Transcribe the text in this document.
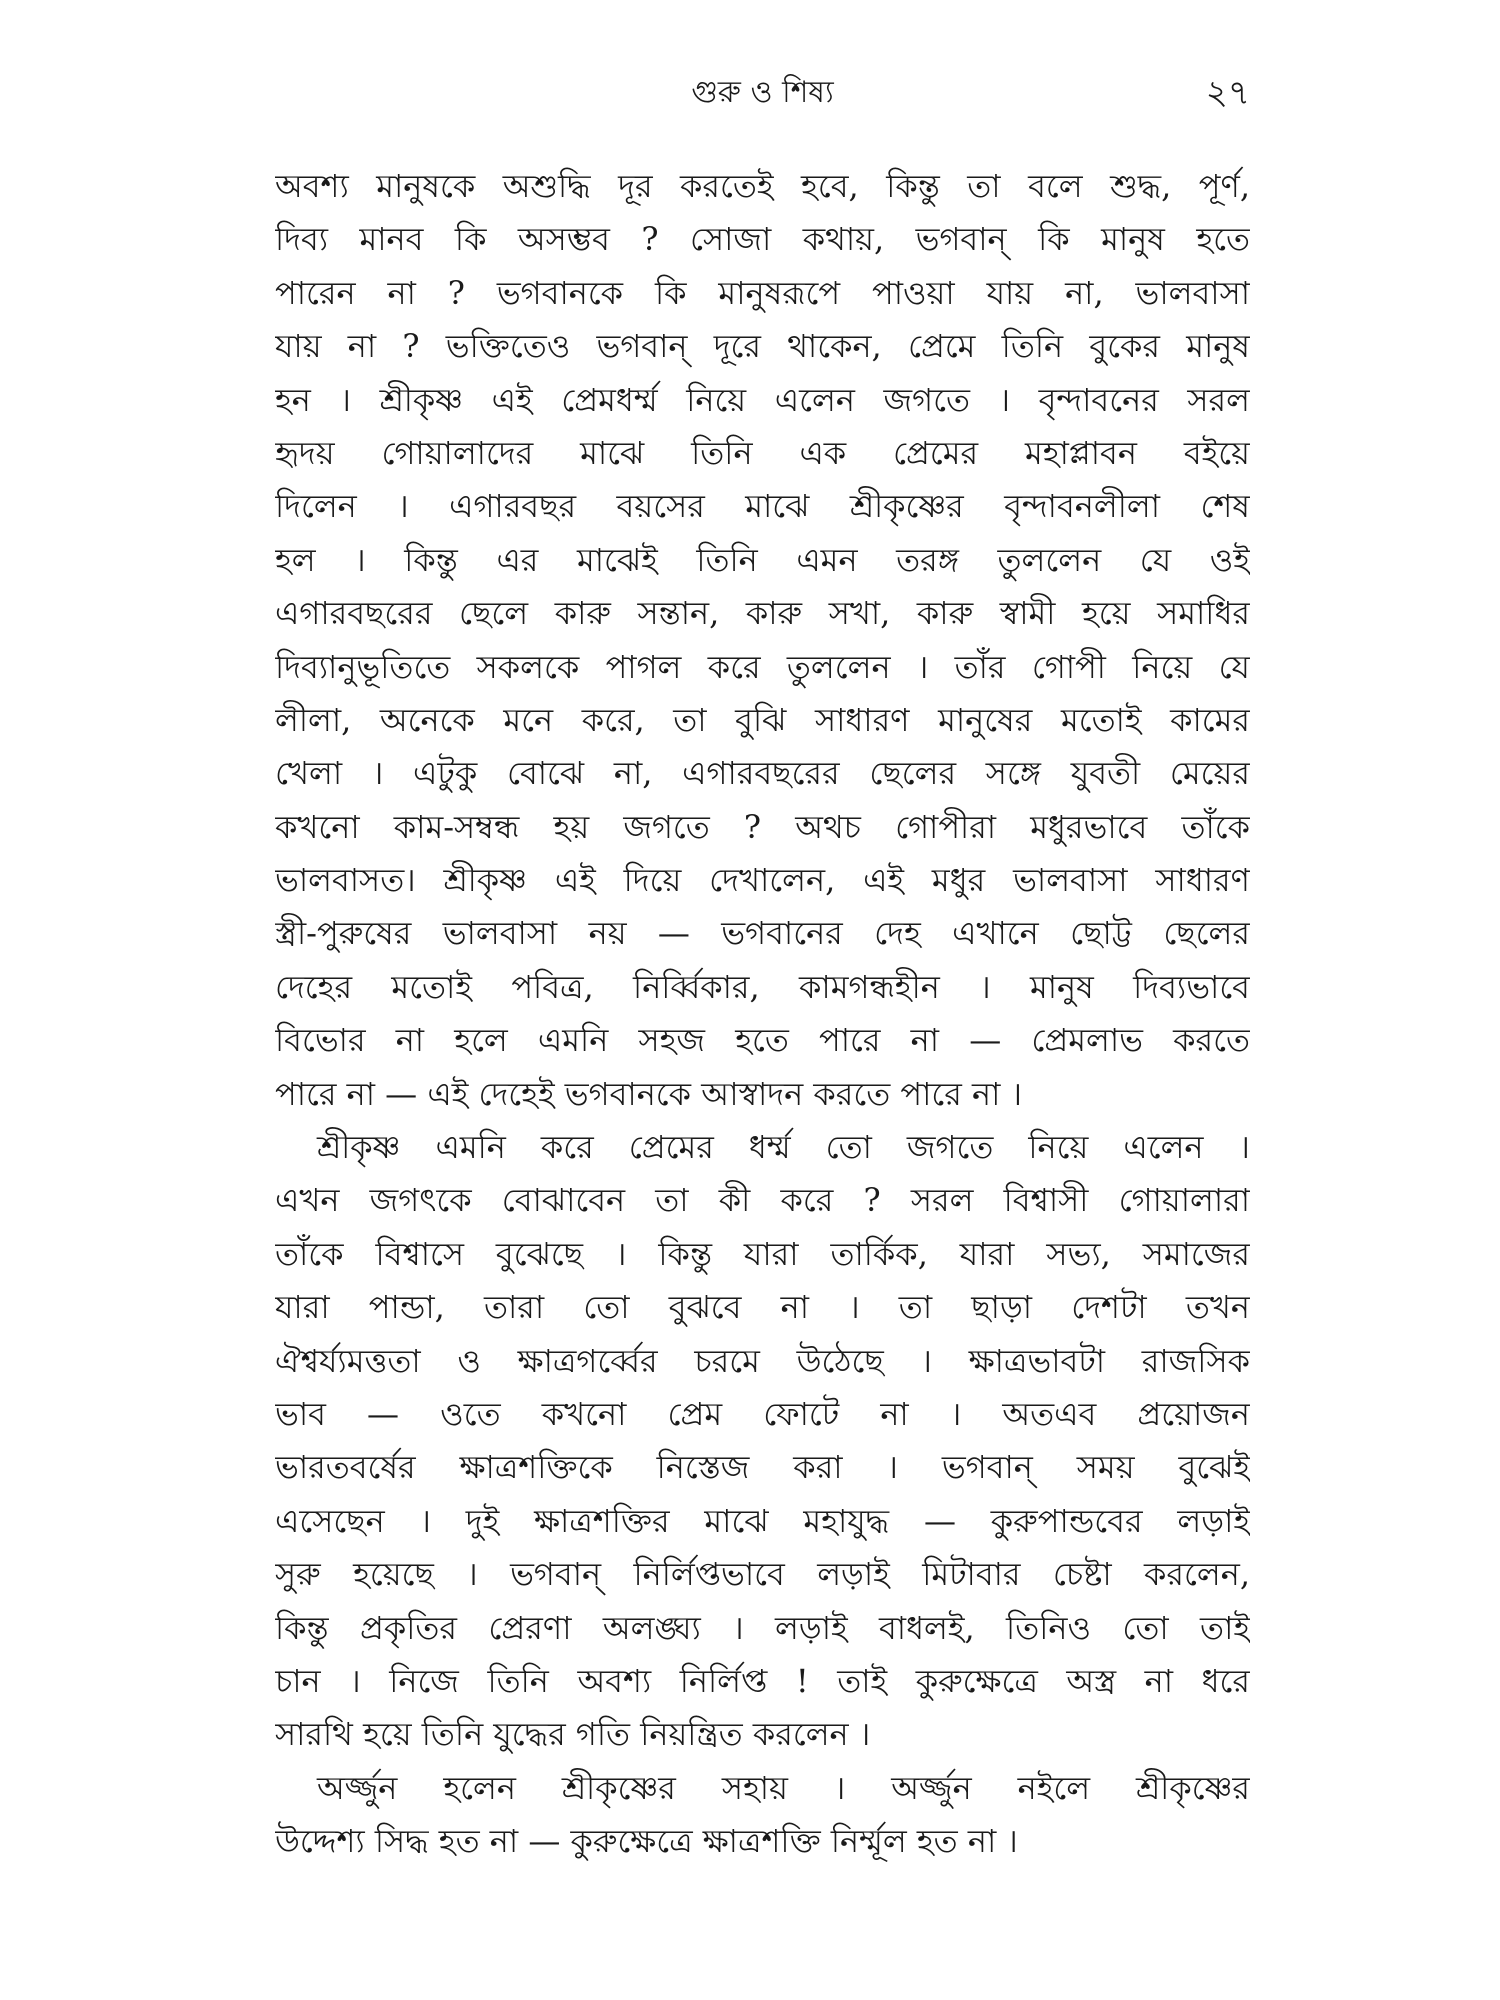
গুরু ও শিষ্য	২৭
অবশ্য মানুষকে অশুদ্ধি দূর করতেই হবে, কিন্তু তা বলে শুদ্ধ, পূর্ণ,
দিব্য মানব কি অসম্ভব ? সোজা কথায়, ভগবান্ কি মানুষ হতে
পারেন না ? ভগবানকে কি মানুষরূপে পাওয়া যায় না, ভালবাসা
যায় না ? ভক্তিতেও ভগবান্ দূরে থাকেন, প্রেমে তিনি বুকের মানুষ
হন । শ্রীকৃষ্ণ এই প্রেমধর্ম্ম নিয়ে এলেন জগতে । বৃন্দাবনের সরল
হৃদয় গোয়ালাদের মাঝে তিনি এক প্রেমের মহাপ্লাবন বইয়ে
দিলেন । এগারবছর বয়সের মাঝে শ্রীকৃষ্ণের বৃন্দাবনলীলা শেষ
হল । কিন্তু এর মাঝেই তিনি এমন তরঙ্গ তুললেন যে ওই
এগারবছরের ছেলে কারু সন্তান, কারু সখা, কারু স্বামী হয়ে সমাধির
দিব্যানুভূতিতে সকলকে পাগল করে তুললেন । তাঁর গোপী নিয়ে যে
লীলা, অনেকে মনে করে, তা বুঝি সাধারণ মানুষের মতোই কামের
খেলা । এটুকু বোঝে না, এগারবছরের ছেলের সঙ্গে যুবতী মেয়ের
কখনো কাম-সম্বন্ধ হয় জগতে ? অথচ গোপীরা মধুরভাবে তাঁকে
ভালবাসত। শ্রীকৃষ্ণ এই দিয়ে দেখালেন, এই মধুর ভালবাসা সাধারণ
স্ত্রী-পুরুষের ভালবাসা নয় — ভগবানের দেহ এখানে ছোট্ট ছেলের
দেহের মতোই পবিত্র, নির্ব্বিকার, কামগন্ধহীন । মানুষ দিব্যভাবে
বিভোর না হলে এমনি সহজ হতে পারে না — প্রেমলাভ করতে
পারে না — এই দেহেই ভগবানকে আস্বাদন করতে পারে না ।
শ্রীকৃষ্ণ এমনি করে প্রেমের ধর্ম্ম তো জগতে নিয়ে এলেন ।
এখন জগৎকে বোঝাবেন তা কী করে ? সরল বিশ্বাসী গোয়ালারা
তাঁকে বিশ্বাসে বুঝেছে । কিন্তু যারা তার্কিক, যারা সভ্য, সমাজের
যারা পান্ডা, তারা তো বুঝবে না । তা ছাড়া দেশটা তখন
ঐশ্বর্য্যমত্ততা ও ক্ষাত্রগর্ব্বের চরমে উঠেছে । ক্ষাত্রভাবটা রাজসিক
ভাব — ওতে কখনো প্রেম ফোটে না । অতএব প্রয়োজন
ভারতবর্ষের ক্ষাত্রশক্তিকে নিস্তেজ করা । ভগবান্ সময় বুঝেই
এসেছেন । দুই ক্ষাত্রশক্তির মাঝে মহাযুদ্ধ — কুরুপান্ডবের লড়াই
সুরু হয়েছে । ভগবান্ নির্লিপ্তভাবে লড়াই মিটাবার চেষ্টা করলেন,
কিন্তু প্রকৃতির প্রেরণা অলঙ্ঘ্য । লড়াই বাধলই, তিনিও তো তাই
চান । নিজে তিনি অবশ্য নির্লিপ্ত ! তাই কুরুক্ষেত্রে অস্ত্র না ধরে
সারথি হয়ে তিনি যুদ্ধের গতি নিয়ন্ত্রিত করলেন ।
অর্জ্জুন হলেন শ্রীকৃষ্ণের সহায় । অর্জ্জুন নইলে শ্রীকৃষ্ণের
উদ্দেশ্য সিদ্ধ হত না — কুরুক্ষেত্রে ক্ষাত্রশক্তি নির্ম্মূল হত না ।
